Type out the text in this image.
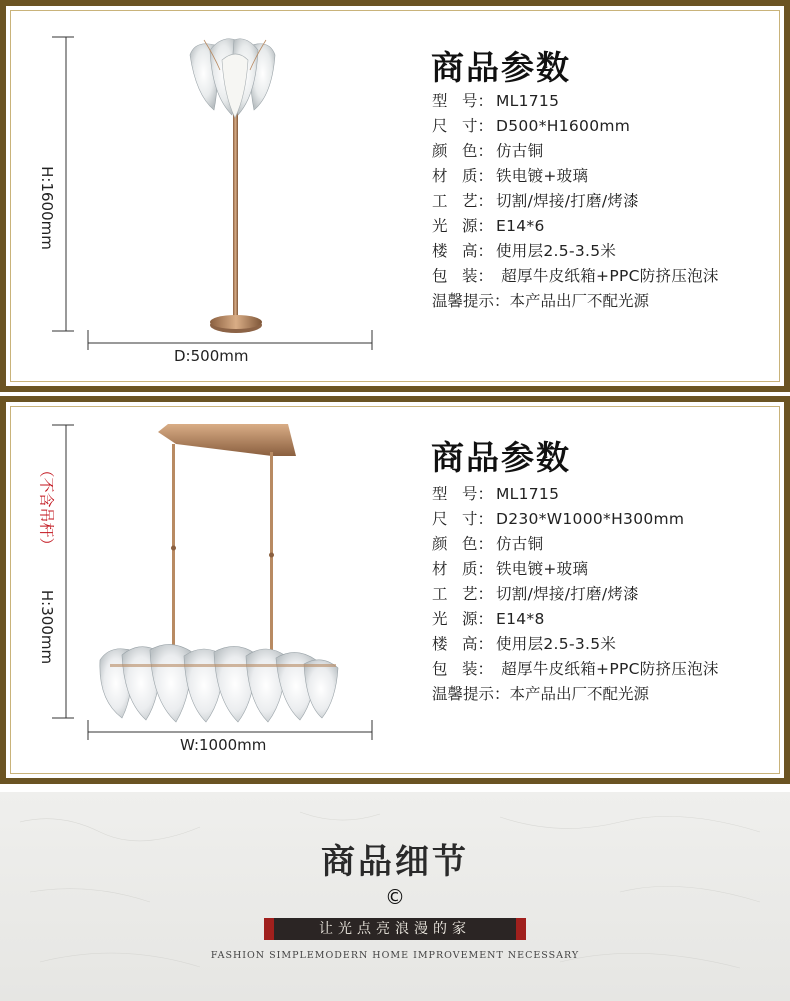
H:1600mm
D:500mm
商品参数
型 号： ML1715
尺 寸： D500*H1600mm
颜 色： 仿古铜
材 质： 铁电镀+玻璃
工 艺： 切割/焊接/打磨/烤漆
光 源： E14*6
楼 高： 使用层2.5-3.5米
包 装： 超厚牛皮纸箱+PPC防挤压泡沫
温馨提示：本产品出厂不配光源
（不含吊杆）
H:300mm
W:1000mm
商品参数
型 号： ML1715
尺 寸： D230*W1000*H300mm
颜 色： 仿古铜
材 质： 铁电镀+玻璃
工 艺： 切割/焊接/打磨/烤漆
光 源： E14*8
楼 高： 使用层2.5-3.5米
包 装： 超厚牛皮纸箱+PPC防挤压泡沫
温馨提示：本产品出厂不配光源
商品细节
©
让光点亮浪漫的家
FASHION SIMPLEMODERN HOME IMPROVEMENT NECESSARY
